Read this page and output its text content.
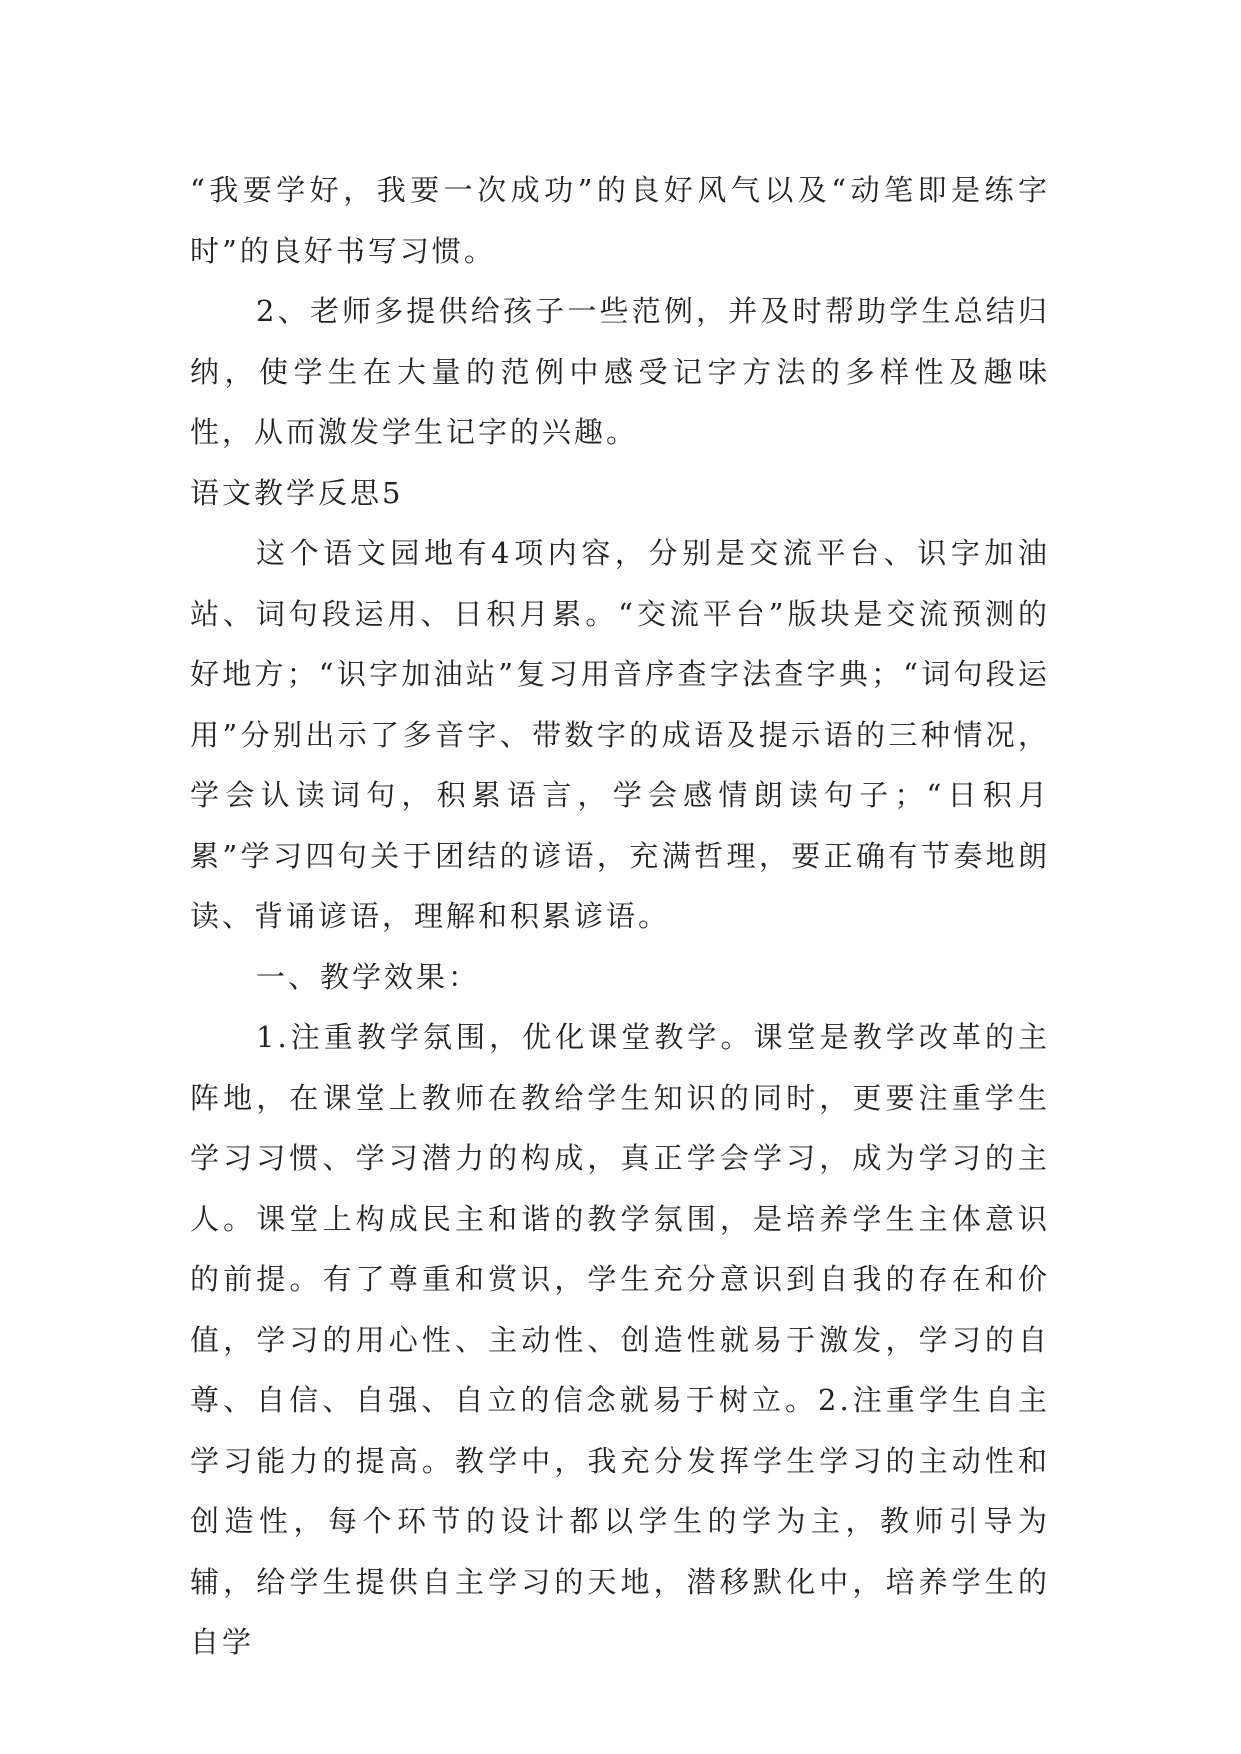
“我要学好，我要一次成功”的良好风气以及“动笔即是练字时”的良好书写习惯。

2、老师多提供给孩子一些范例，并及时帮助学生总结归纳，使学生在大量的范例中感受记字方法的多样性及趣味性，从而激发学生记字的兴趣。

语文教学反思5

这个语文园地有4项内容，分别是交流平台、识字加油站、词句段运用、日积月累。“交流平台”版块是交流预测的好地方；“识字加油站”复习用音序查字法查字典；“词句段运用”分别出示了多音字、带数字的成语及提示语的三种情况，学会认读词句，积累语言，学会感情朗读句子；“日积月累”学习四句关于团结的谚语，充满哲理，要正确有节奏地朗读、背诵谚语，理解和积累谚语。

一、教学效果：

1.注重教学氛围，优化课堂教学。课堂是教学改革的主阵地，在课堂上教师在教给学生知识的同时，更要注重学生学习习惯、学习潜力的构成，真正学会学习，成为学习的主人。课堂上构成民主和谐的教学氛围，是培养学生主体意识的前提。有了尊重和赏识，学生充分意识到自我的存在和价值，学习的用心性、主动性、创造性就易于激发，学习的自尊、自信、自强、自立的信念就易于树立。2.注重学生自主学习能力的提高。教学中，我充分发挥学生学习的主动性和创造性，每个环节的设计都以学生的学为主，教师引导为辅，给学生提供自主学习的天地，潜移默化中，培养学生的自学
